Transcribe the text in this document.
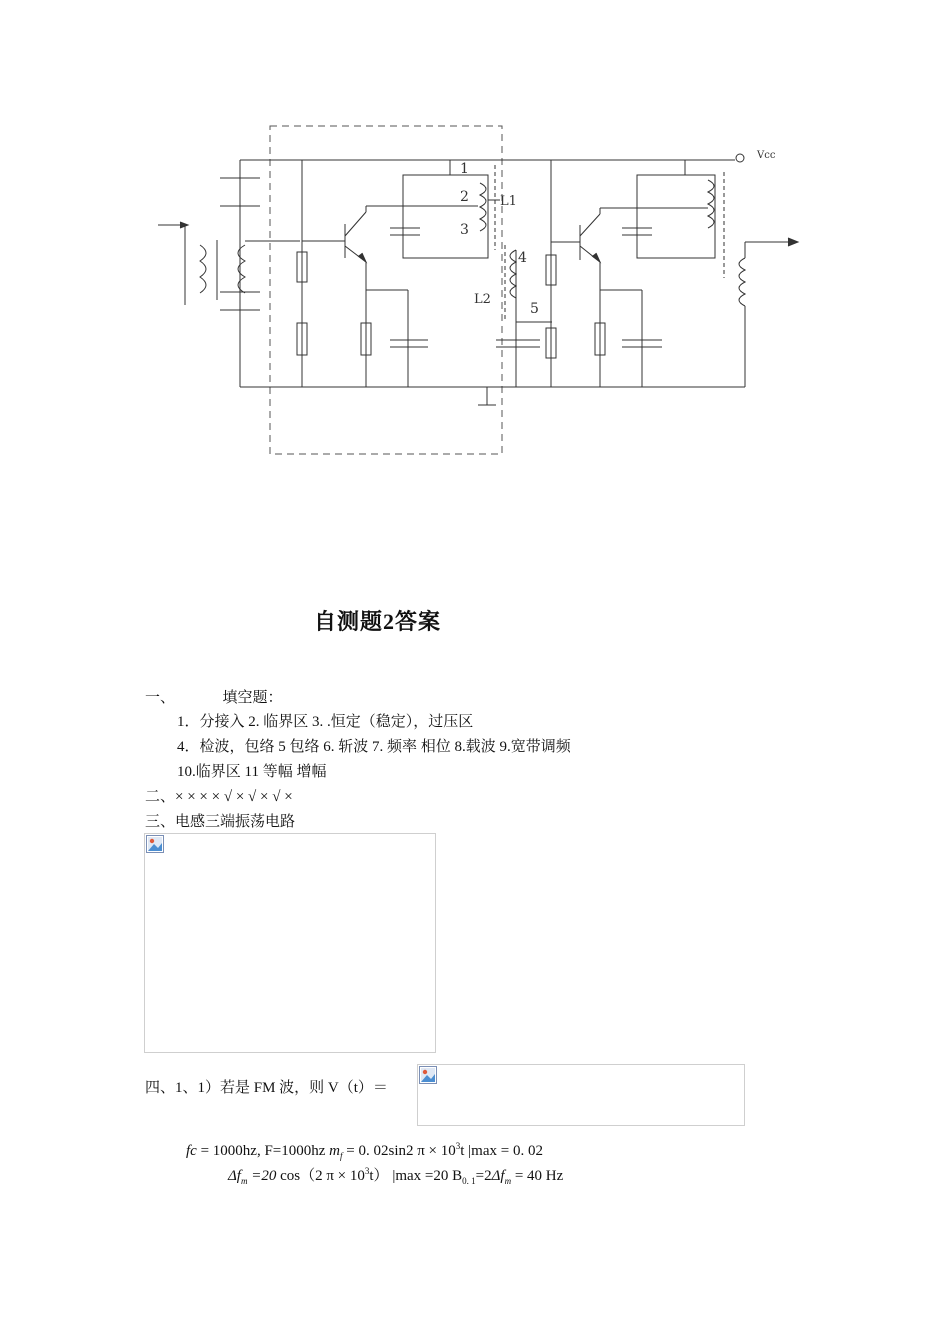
Vcc
1
2
3
L1
4
L2
5
自测题2答案
一、	填空题：
1．分接入 2. 临界区 3. .恒定（稳定），过压区
4．检波，包络 5 包络 6. 斩波 7. 频率 相位 8.载波 9.宽带调频
10.临界区 11 等幅 增幅
二、× × × × √ × √ × √ ×
三、电感三端振荡电路
四、1、1）若是 FM 波，则 V（t）＝
fc = 1000hz, F=1000hz $m_f = 0$. 02sin2 $\pi \times 10^3t$ |max = 0. 02
$\Delta f_m =20$ cos（2 $\pi \times 10^3t$） |max =20 $B_{0. 1}=2\Delta f_m = 40$ Hz
